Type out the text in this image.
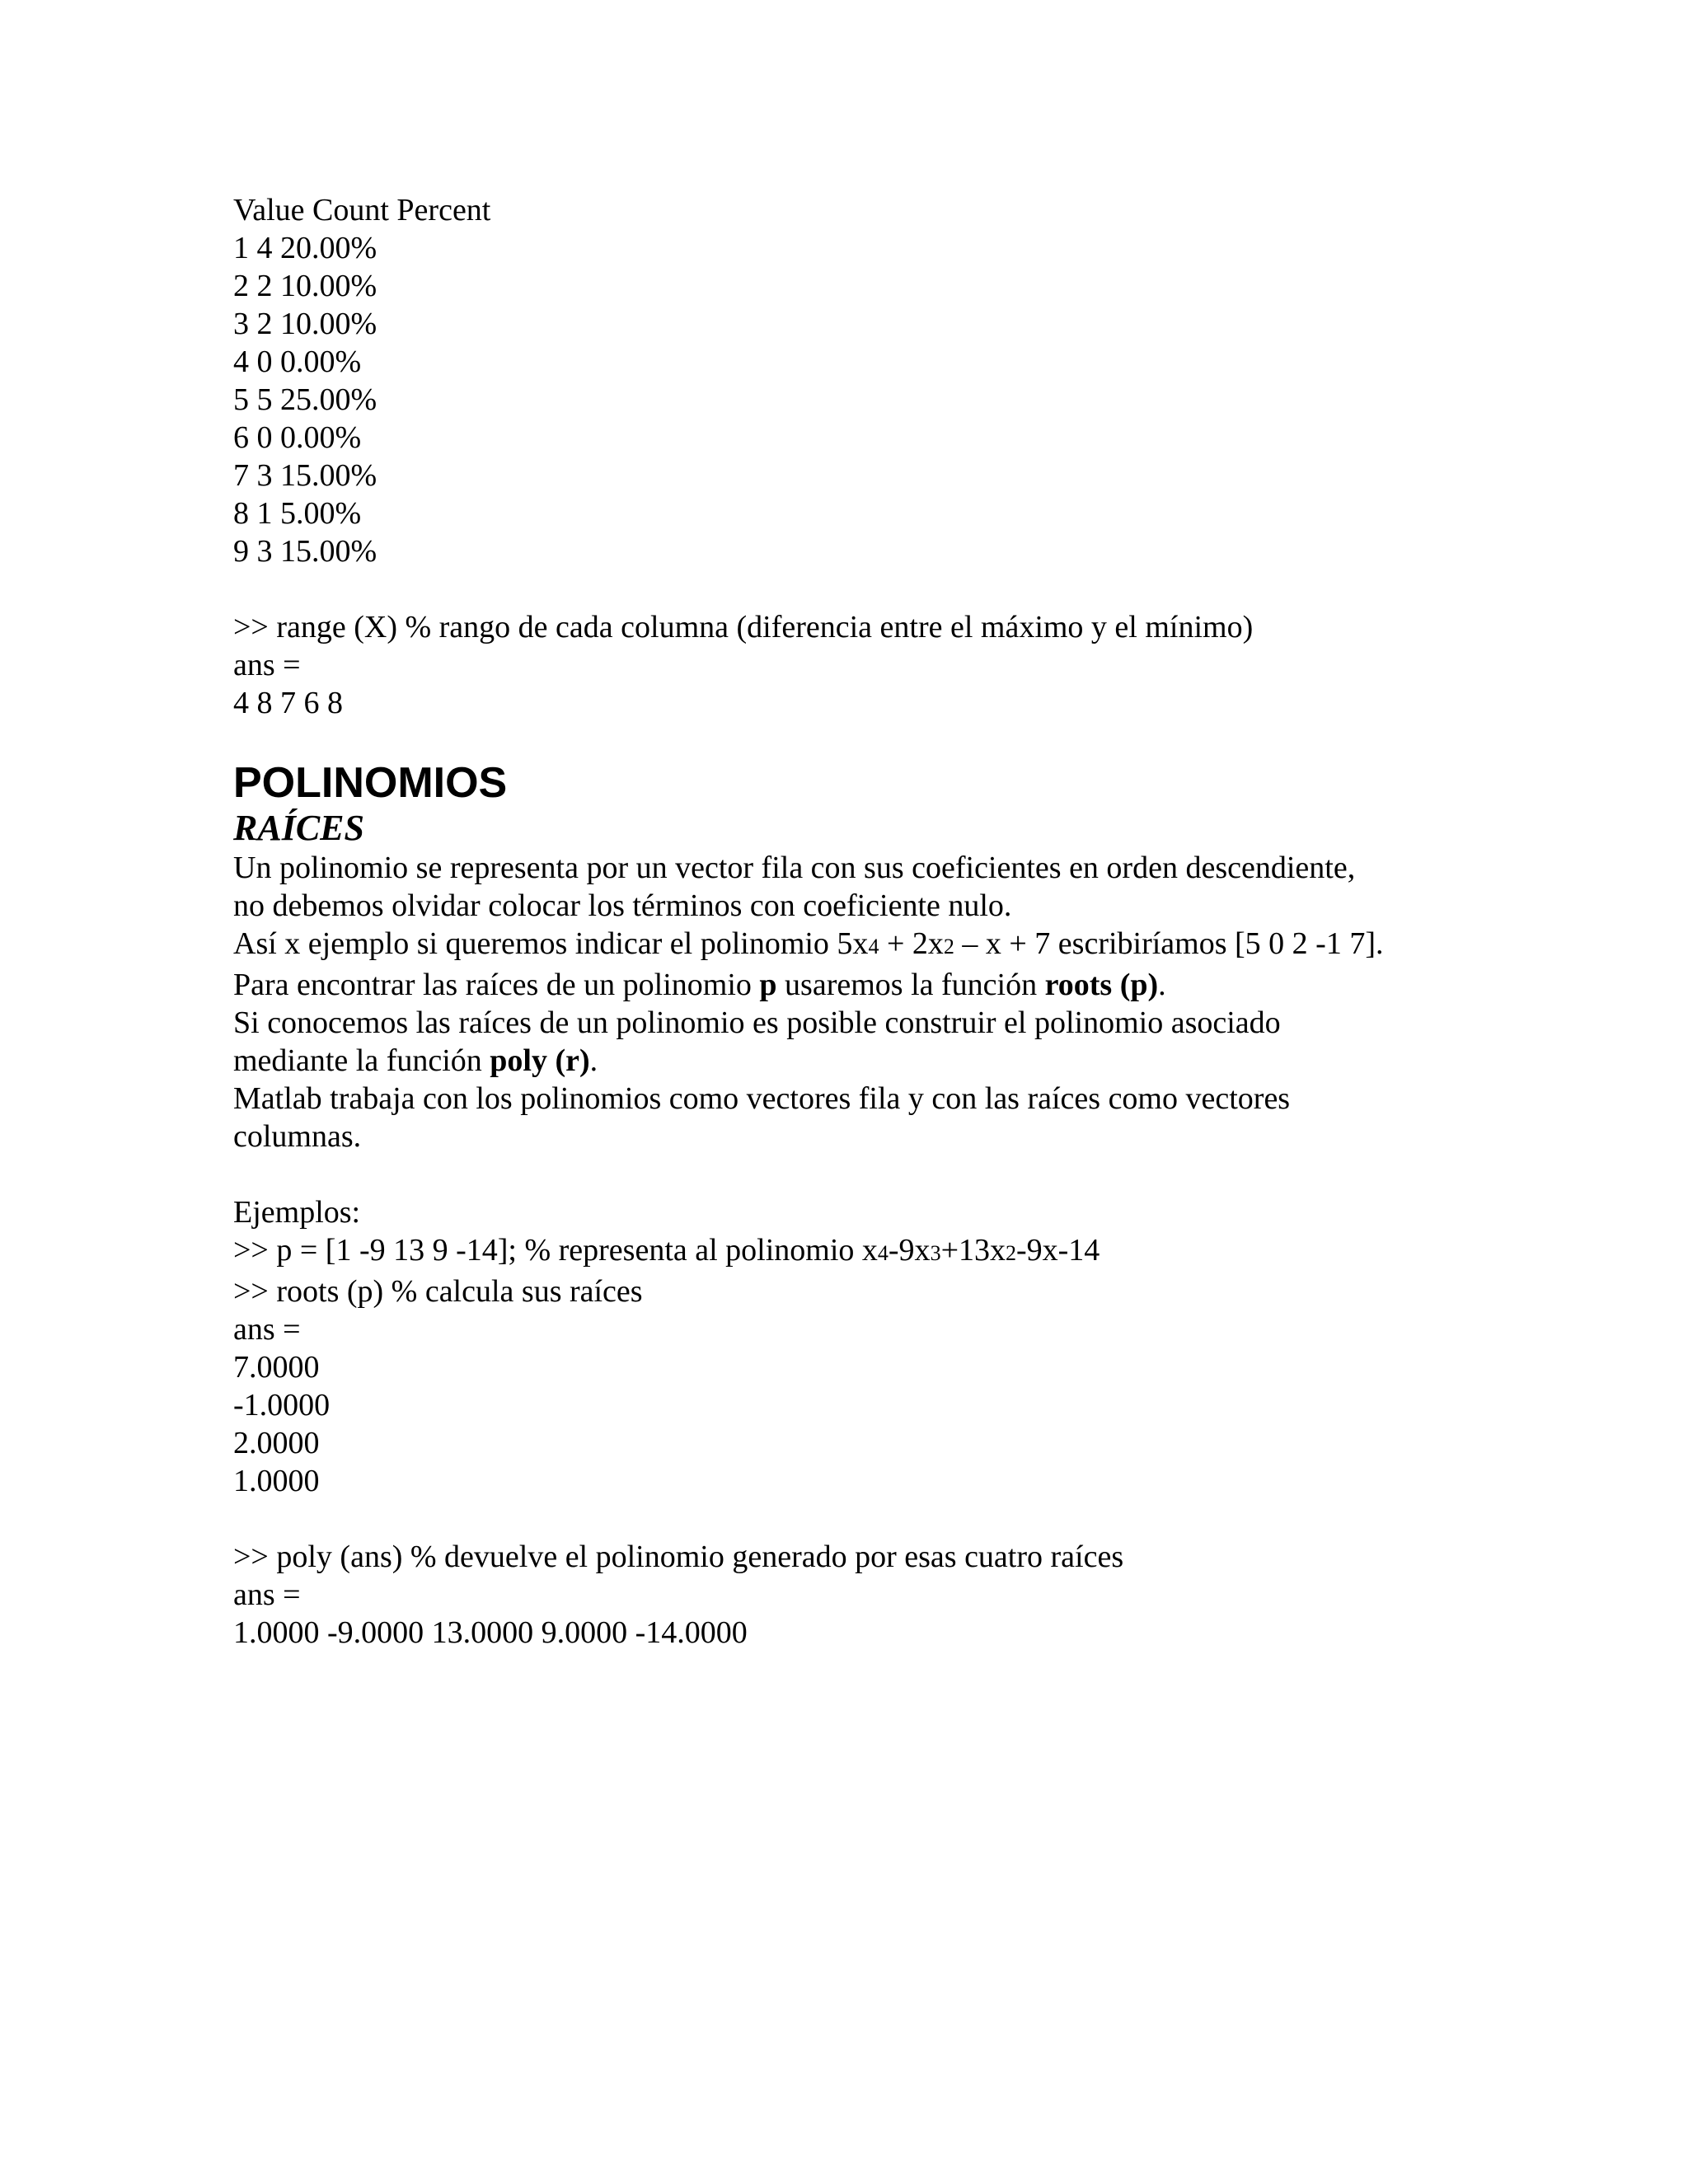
Value Count Percent

1 4 20.00%

2 2 10.00%

3 2 10.00%

4 0 0.00%

5 5 25.00%

6 0 0.00%

7 3 15.00%

8 1 5.00%

9 3 15.00%

>> range (X) % rango de cada columna (diferencia entre el máximo y el mínimo)

ans =

4 8 7 6 8

POLINOMIOS
RAÍCES

Un polinomio se representa por un vector fila con sus coeficientes en orden descendiente,

no debemos olvidar colocar los términos con coeficiente nulo.

Así x ejemplo si queremos indicar el polinomio 5x4 + 2x2 – x + 7 escribiríamos [5 0 2 -1 7].

Para encontrar las raíces de un polinomio p usaremos la función roots (p).

Si conocemos las raíces de un polinomio es posible construir el polinomio asociado

mediante la función poly (r).

Matlab trabaja con los polinomios como vectores fila y con las raíces como vectores

columnas.

Ejemplos:

>> p = [1 -9 13 9 -14]; % representa al polinomio x4-9x3+13x2-9x-14

>> roots (p) % calcula sus raíces

ans =

7.0000

-1.0000

2.0000

1.0000

>> poly (ans) % devuelve el polinomio generado por esas cuatro raíces

ans =

1.0000 -9.0000 13.0000 9.0000 -14.0000
